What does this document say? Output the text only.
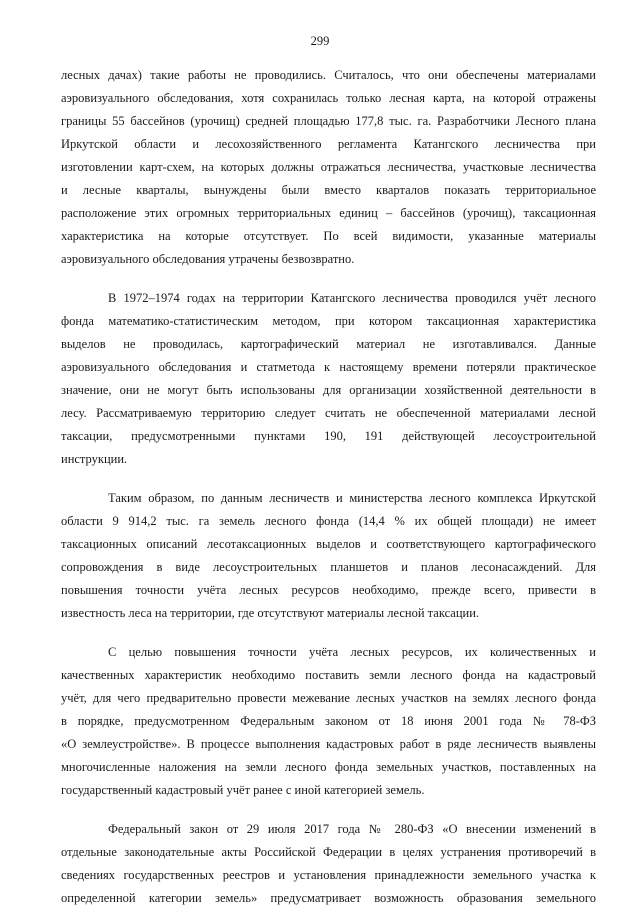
299
лесных дачах) такие работы не проводились. Считалось, что они обеспечены материалами
аэровизуального обследования, хотя сохранилась только лесная карта, на которой отражены
границы 55 бассейнов (урочищ) средней площадью 177,8 тыс. га. Разработчики Лесного плана
Иркутской области и лесохозяйственного регламента Катангского лесничества при
изготовлении карт-схем, на которых должны отражаться лесничества, участковые лесничества
и лесные кварталы, вынуждены были вместо кварталов показать территориальное
расположение этих огромных территориальных единиц – бассейнов (урочищ), таксационная
характеристика на которые отсутствует. По всей видимости, указанные материалы
аэровизуального обследования утрачены безвозвратно.
В 1972–1974 годах на территории Катангского лесничества проводился учёт лесного
фонда математико-статистическим методом, при котором таксационная характеристика
выделов не проводилась, картографический материал не изготавливался. Данные
аэровизуального обследования и статметода к настоящему времени потеряли практическое
значение, они не могут быть использованы для организации хозяйственной деятельности в
лесу. Рассматриваемую территорию следует считать не обеспеченной материалами лесной
таксации, предусмотренными пунктами 190, 191 действующей лесоустроительной
инструкции.
Таким образом, по данным лесничеств и министерства лесного комплекса Иркутской
области 9 914,2 тыс. га земель лесного фонда (14,4 % их общей площади) не имеет
таксационных описаний лесотаксационных выделов и соответствующего картографического
сопровождения в виде лесоустроительных планшетов и планов лесонасаждений. Для
повышения точности учёта лесных ресурсов необходимо, прежде всего, привести в
известность леса на территории, где отсутствуют материалы лесной таксации.
С целью повышения точности учёта лесных ресурсов, их количественных и
качественных характеристик необходимо поставить земли лесного фонда на кадастровый
учёт, для чего предварительно провести межевание лесных участков на землях лесного фонда
в порядке, предусмотренном Федеральным законом от 18 июня 2001 года № 78-ФЗ
«О землеустройстве». В процессе выполнения кадастровых работ в ряде лесничеств выявлены
многочисленные наложения на земли лесного фонда земельных участков, поставленных на
государственный кадастровый учёт ранее с иной категорией земель.
Федеральный закон от 29 июля 2017 года № 280-ФЗ «О внесении изменений в
отдельные законодательные акты Российской Федерации в целях устранения противоречий в
сведениях государственных реестров и установления принадлежности земельного участка к
определенной категории земель» предусматривает возможность образования земельного
